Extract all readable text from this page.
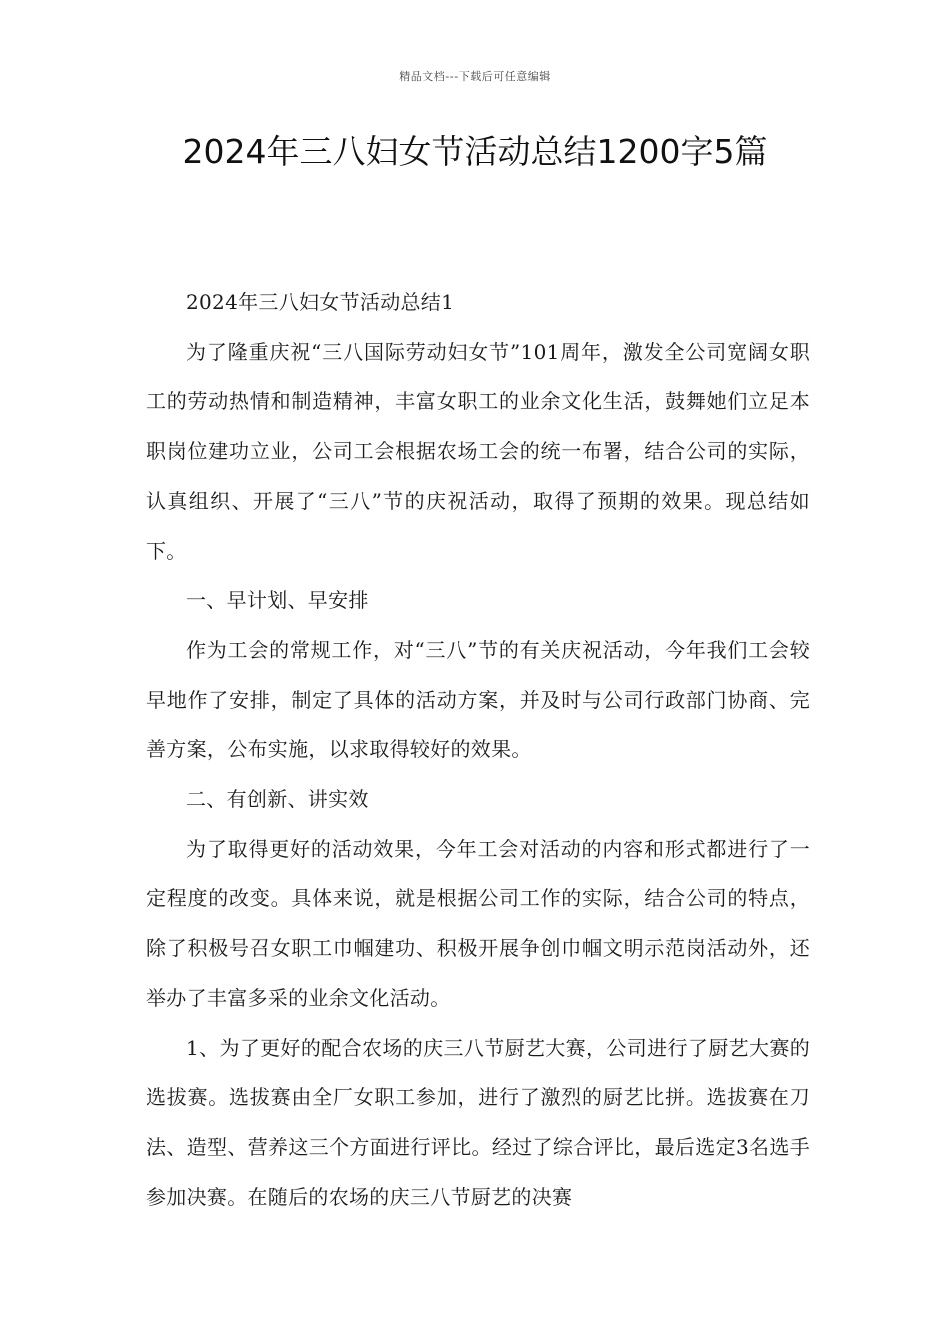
精品文档---下载后可任意编辑
2024年三八妇女节活动总结1200字5篇

2024年三八妇女节活动总结1

为了隆重庆祝“三八国际劳动妇女节”101周年，激发全公司宽阔女职工的劳动热情和制造精神，丰富女职工的业余文化生活，鼓舞她们立足本职岗位建功立业，公司工会根据农场工会的统一布署，结合公司的实际，认真组织、开展了“三八”节的庆祝活动，取得了预期的效果。现总结如下。

一、早计划、早安排

作为工会的常规工作，对“三八”节的有关庆祝活动，今年我们工会较早地作了安排，制定了具体的活动方案，并及时与公司行政部门协商、完善方案，公布实施，以求取得较好的效果。

二、有创新、讲实效

为了取得更好的活动效果，今年工会对活动的内容和形式都进行了一定程度的改变。具体来说，就是根据公司工作的实际，结合公司的特点，除了积极号召女职工巾帼建功、积极开展争创巾帼文明示范岗活动外，还举办了丰富多采的业余文化活动。

1、为了更好的配合农场的庆三八节厨艺大赛，公司进行了厨艺大赛的选拔赛。选拔赛由全厂女职工参加，进行了激烈的厨艺比拼。选拔赛在刀法、造型、营养这三个方面进行评比。经过了综合评比，最后选定3名选手参加决赛。在随后的农场的庆三八节厨艺的决赛
